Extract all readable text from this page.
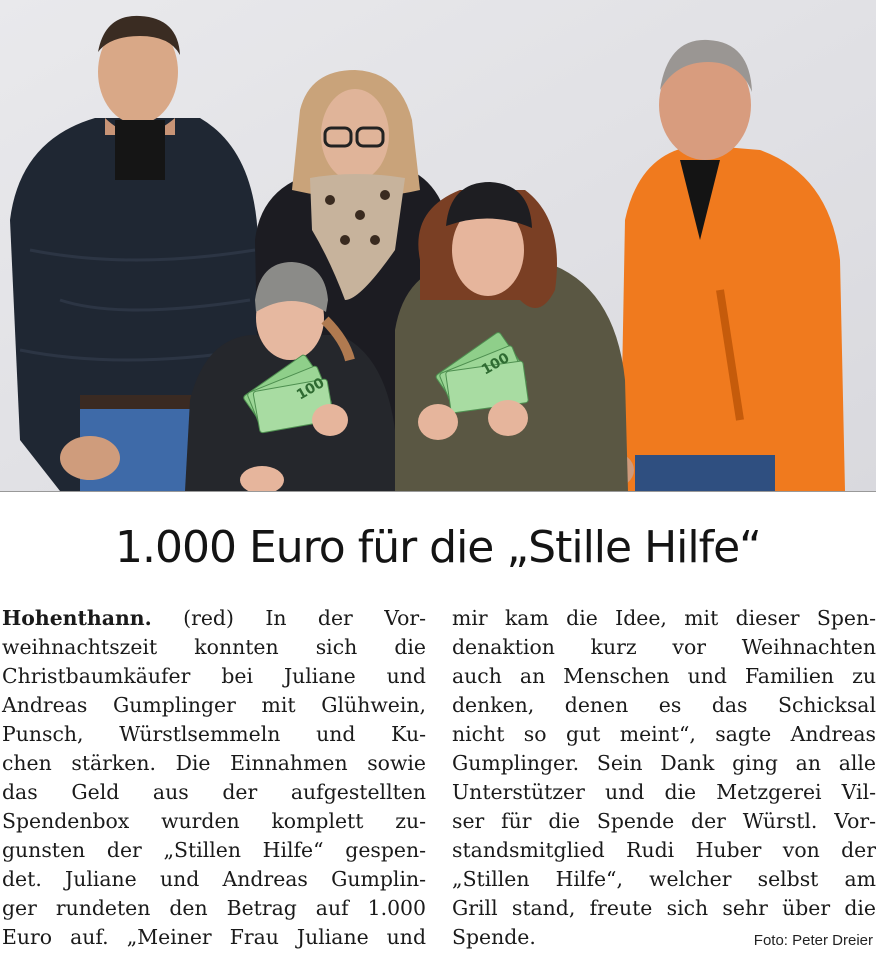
100
100
1.000 Euro für die „Stille Hilfe“
Hohenthann. (red) In der Vor-
weihnachtszeit konnten sich die
Christbaumkäufer bei Juliane und
Andreas Gumplinger mit Glühwein,
Punsch, Würstlsemmeln und Ku-
chen stärken. Die Einnahmen sowie
das Geld aus der aufgestellten
Spendenbox wurden komplett zu-
gunsten der „Stillen Hilfe“ gespen-
det. Juliane und Andreas Gumplin-
ger rundeten den Betrag auf 1.000
Euro auf. „Meiner Frau Juliane und
mir kam die Idee, mit dieser Spen-
denaktion kurz vor Weihnachten
auch an Menschen und Familien zu
denken, denen es das Schicksal
nicht so gut meint“, sagte Andreas
Gumplinger. Sein Dank ging an alle
Unterstützer und die Metzgerei Vil-
ser für die Spende der Würstl. Vor-
standsmitglied Rudi Huber von der
„Stillen Hilfe“, welcher selbst am
Grill stand, freute sich sehr über die
Spende.	Foto: Peter Dreier
